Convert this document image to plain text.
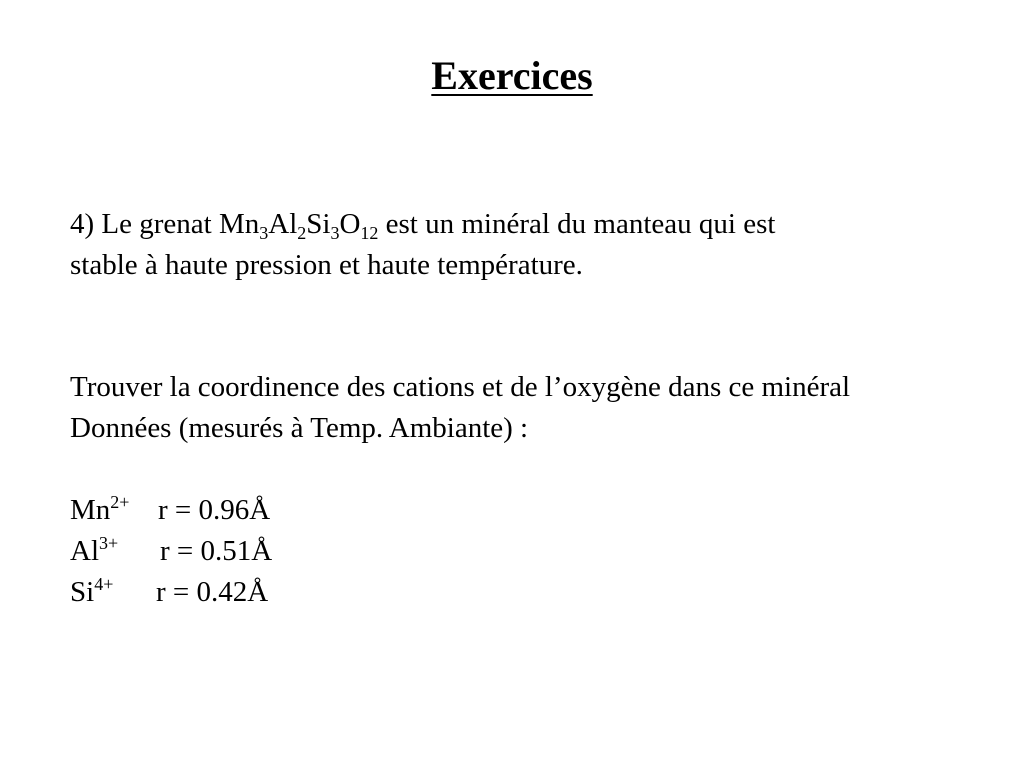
Exercices
4) Le grenat $Mn_3Al_2Si_3O_{12}$ est un minéral du manteau qui est
stable à haute pression et haute température.
Trouver la coordinence des cations et de l’oxygène dans ce minéral
Données (mesurés à Temp. Ambiante) :
$Mn^{2+}$ r = 0.96Å
$Al^{3+}$ r = 0.51Å
$Si^{4+}$ r = 0.42Å
